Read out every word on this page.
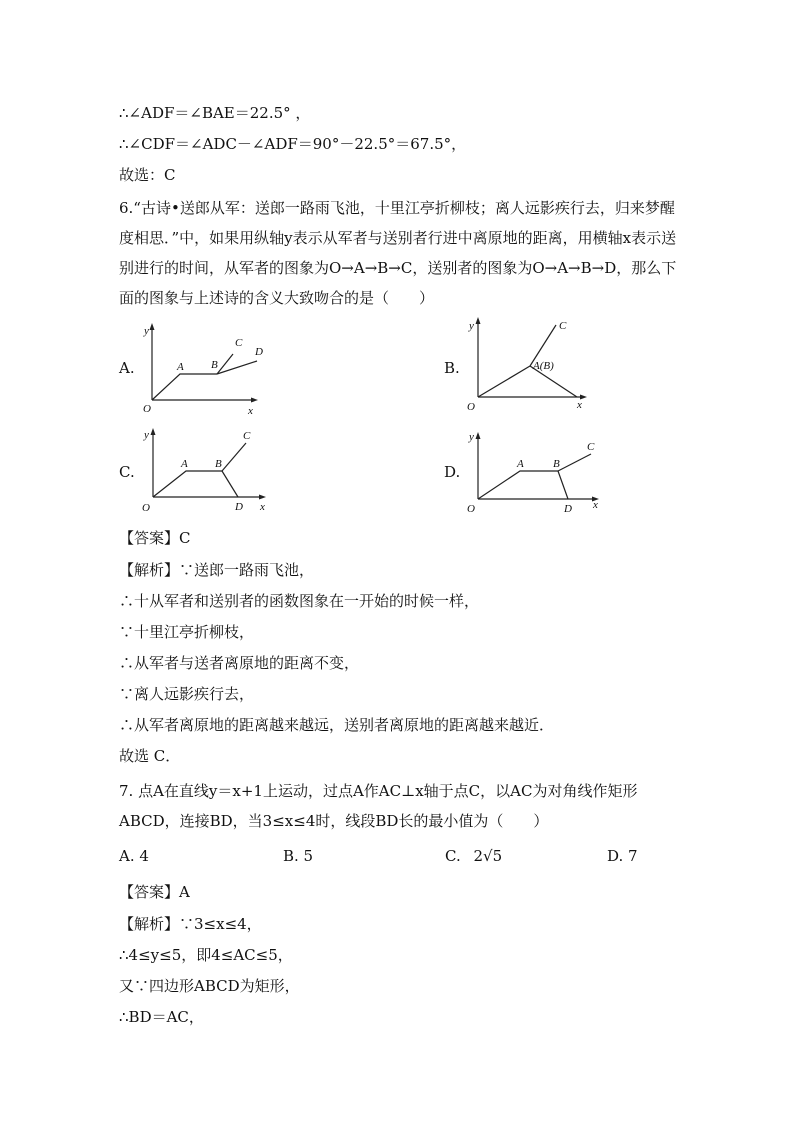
∴∠ADF＝∠BAE＝22.5° ，
∴∠CDF＝∠ADC－∠ADF＝90°－22.5°＝67.5°，
故选：C
6.“古诗•送郎从军：送郎一路雨飞池，十里江亭折柳枝；离人远影疾行去，归来梦醒度相思．”中，如果用纵轴y表示从军者与送别者行进中离原地的距离，用横轴x表示送别进行的时间，从军者的图象为O→A→B→C，送别者的图象为O→A→B→D，那么下面的图象与上述诗的含义大致吻合的是（　　）
A.
y
O	x
A B
C
D
B.
y
O	x
A(B)
C
C.
y
O	x
A B
C
D
D.
y
O	x
A	B
C
D
【答案】C
【解析】∵送郎一路雨飞池，
∴十从军者和送别者的函数图象在一开始的时候一样，
∵十里江亭折柳枝，
∴从军者与送者离原地的距离不变，
∵离人远影疾行去，
∴从军者离原地的距离越来越远，送别者离原地的距离越来越近．
故选 C．
7. 点A在直线y＝x+1上运动，过点A作AC⊥x轴于点C，以AC为对角线作矩形ABCD，连接BD，当3≤x≤4时，线段BD长的最小值为（　　）
A. 4	B. 5	C. 2√5	D. 7
【答案】A
【解析】∵3≤x≤4，
∴4≤y≤5，即4≤AC≤5，
又∵四边形ABCD为矩形，
∴BD＝AC，
